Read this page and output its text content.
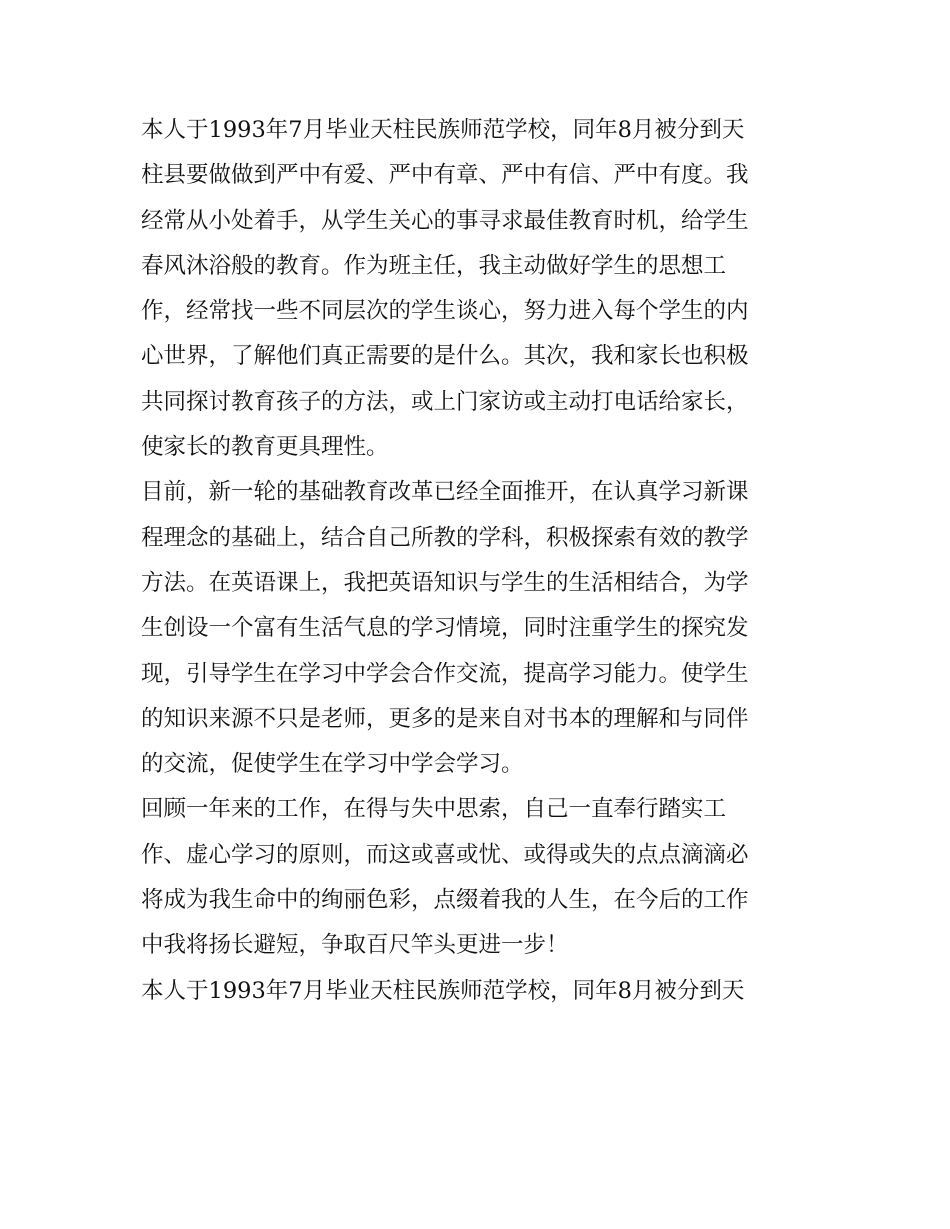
本人于1993年7月毕业天柱民族师范学校，同年8月被分到天
柱县要做做到严中有爱、严中有章、严中有信、严中有度。我
经常从小处着手，从学生关心的事寻求最佳教育时机，给学生
春风沐浴般的教育。作为班主任，我主动做好学生的思想工
作，经常找一些不同层次的学生谈心，努力进入每个学生的内
心世界，了解他们真正需要的是什么。其次，我和家长也积极
共同探讨教育孩子的方法，或上门家访或主动打电话给家长，
使家长的教育更具理性。
目前，新一轮的基础教育改革已经全面推开，在认真学习新课
程理念的基础上，结合自己所教的学科，积极探索有效的教学
方法。在英语课上，我把英语知识与学生的生活相结合，为学
生创设一个富有生活气息的学习情境，同时注重学生的探究发
现，引导学生在学习中学会合作交流，提高学习能力。使学生
的知识来源不只是老师，更多的是来自对书本的理解和与同伴
的交流，促使学生在学习中学会学习。
回顾一年来的工作，在得与失中思索，自己一直奉行踏实工
作、虚心学习的原则，而这或喜或忧、或得或失的点点滴滴必
将成为我生命中的绚丽色彩，点缀着我的人生，在今后的工作
中我将扬长避短，争取百尺竿头更进一步！
本人于1993年7月毕业天柱民族师范学校，同年8月被分到天
